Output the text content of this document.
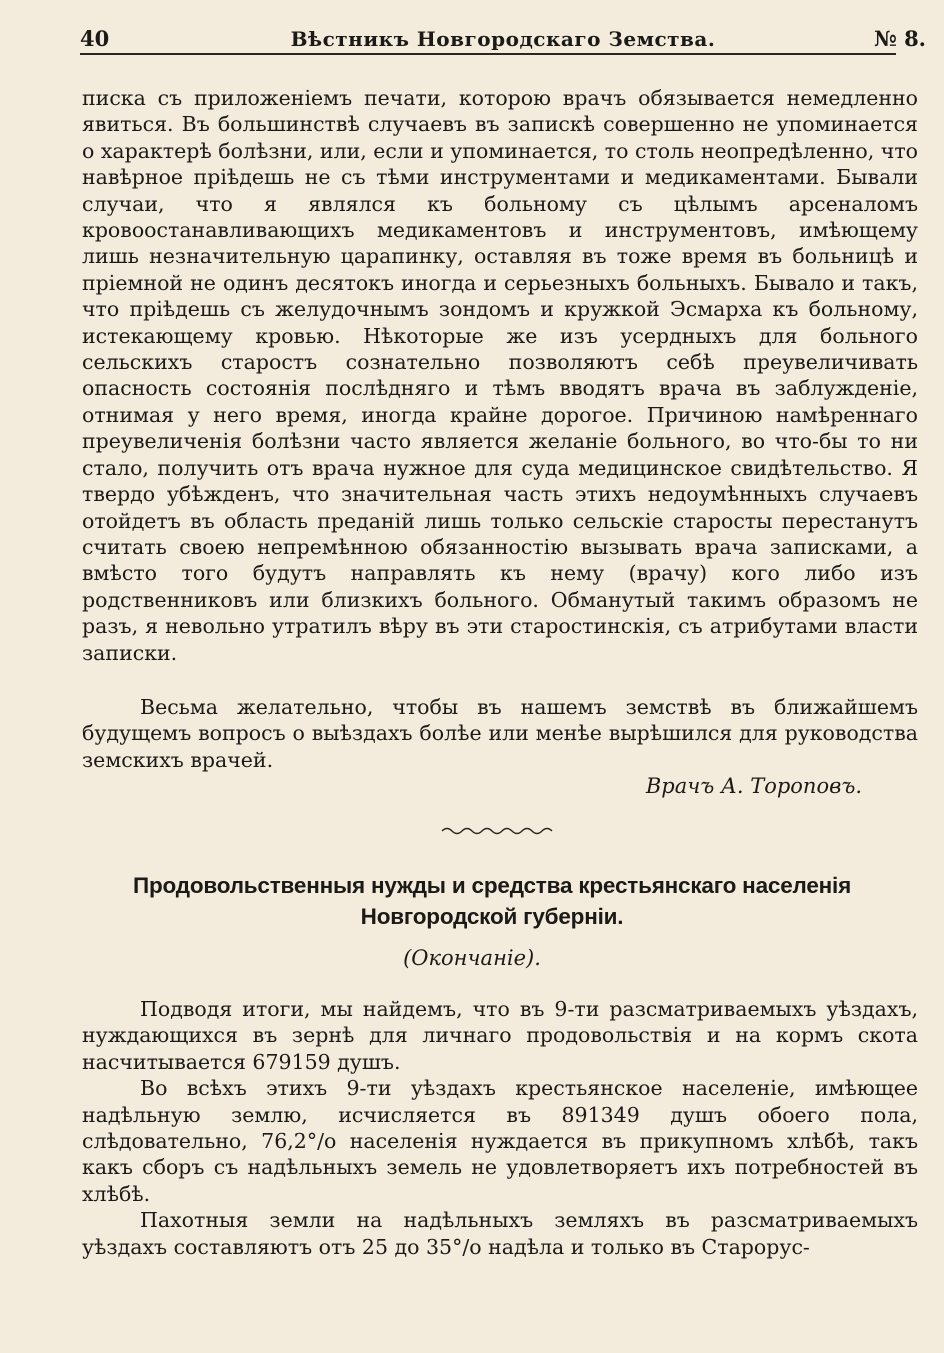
40	Вѣстникъ Новгородскаго Земства.	№ 8.

писка съ приложеніемъ печати, которою врачъ обязывается немедленно явиться. Въ большинствѣ случаевъ въ запискѣ совершенно не упоминается о характерѣ болѣзни, или, если и упоминается, то столь неопредѣленно, что навѣрное пріѣдешь не съ тѣми инструментами и медикаментами. Бывали случаи, что я являлся къ больному съ цѣлымъ арсеналомъ кровоостанавливающихъ медикаментовъ и инструментовъ, имѣющему лишь незначительную царапинку, оставляя въ тоже время въ больницѣ и пріемной не одинъ десятокъ иногда и серьезныхъ больныхъ. Бывало и такъ, что пріѣдешь съ желудочнымъ зондомъ и кружкой Эсмарха къ больному, истекающему кровью. Нѣкоторые же изъ усердныхъ для больного сельскихъ старостъ сознательно позволяютъ себѣ преувеличивать опасность состоянія послѣдняго и тѣмъ вводятъ врача въ заблужденіе, отнимая у него время, иногда крайне дорогое. Причиною намѣреннаго преувеличенія болѣзни часто является желаніе больного, во что-бы то ни стало, получить отъ врача нужное для суда медицинское свидѣтельство. Я твердо убѣжденъ, что значительная часть этихъ недоумѣнныхъ случаевъ отойдетъ въ область преданій лишь только сельскіе старосты перестанутъ считать своею непремѣнною обязанностію вызывать врача записками, а вмѣсто того будутъ направлять къ нему (врачу) кого либо изъ родственниковъ или близкихъ больного. Обманутый такимъ образомъ не разъ, я невольно утратилъ вѣру въ эти старостинскія, съ атрибутами власти записки.

Весьма желательно, чтобы въ нашемъ земствѣ въ ближайшемъ будущемъ вопросъ о выѣздахъ болѣе или менѣе вырѣшился для руководства земскихъ врачей.

Врачъ А. Торoповъ.
Продовольственныя нужды и средства крестьянскаго населенія Новгородской губерніи.
(Окончаніе).

Подводя итоги, мы найдемъ, что въ 9-ти разсматриваемыхъ уѣздахъ, нуждающихся въ зернѣ для личнаго продовольствія и на кормъ скота насчитывается 679159 душъ.

Во всѣхъ этихъ 9-ти уѣздахъ крестьянское населеніе, имѣющее надѣльную землю, исчисляется въ 891349 душъ обоего пола, слѣдовательно, 76,2°/о населенія нуждается въ прикупномъ хлѣбѣ, такъ какъ сборъ съ надѣльныхъ земель не удовлетворяетъ ихъ потребностей въ хлѣбѣ.

Пахотныя земли на надѣльныхъ земляхъ въ разсматриваемыхъ уѣздахъ составляютъ отъ 25 до 35°/о надѣла и только въ Старорус-
